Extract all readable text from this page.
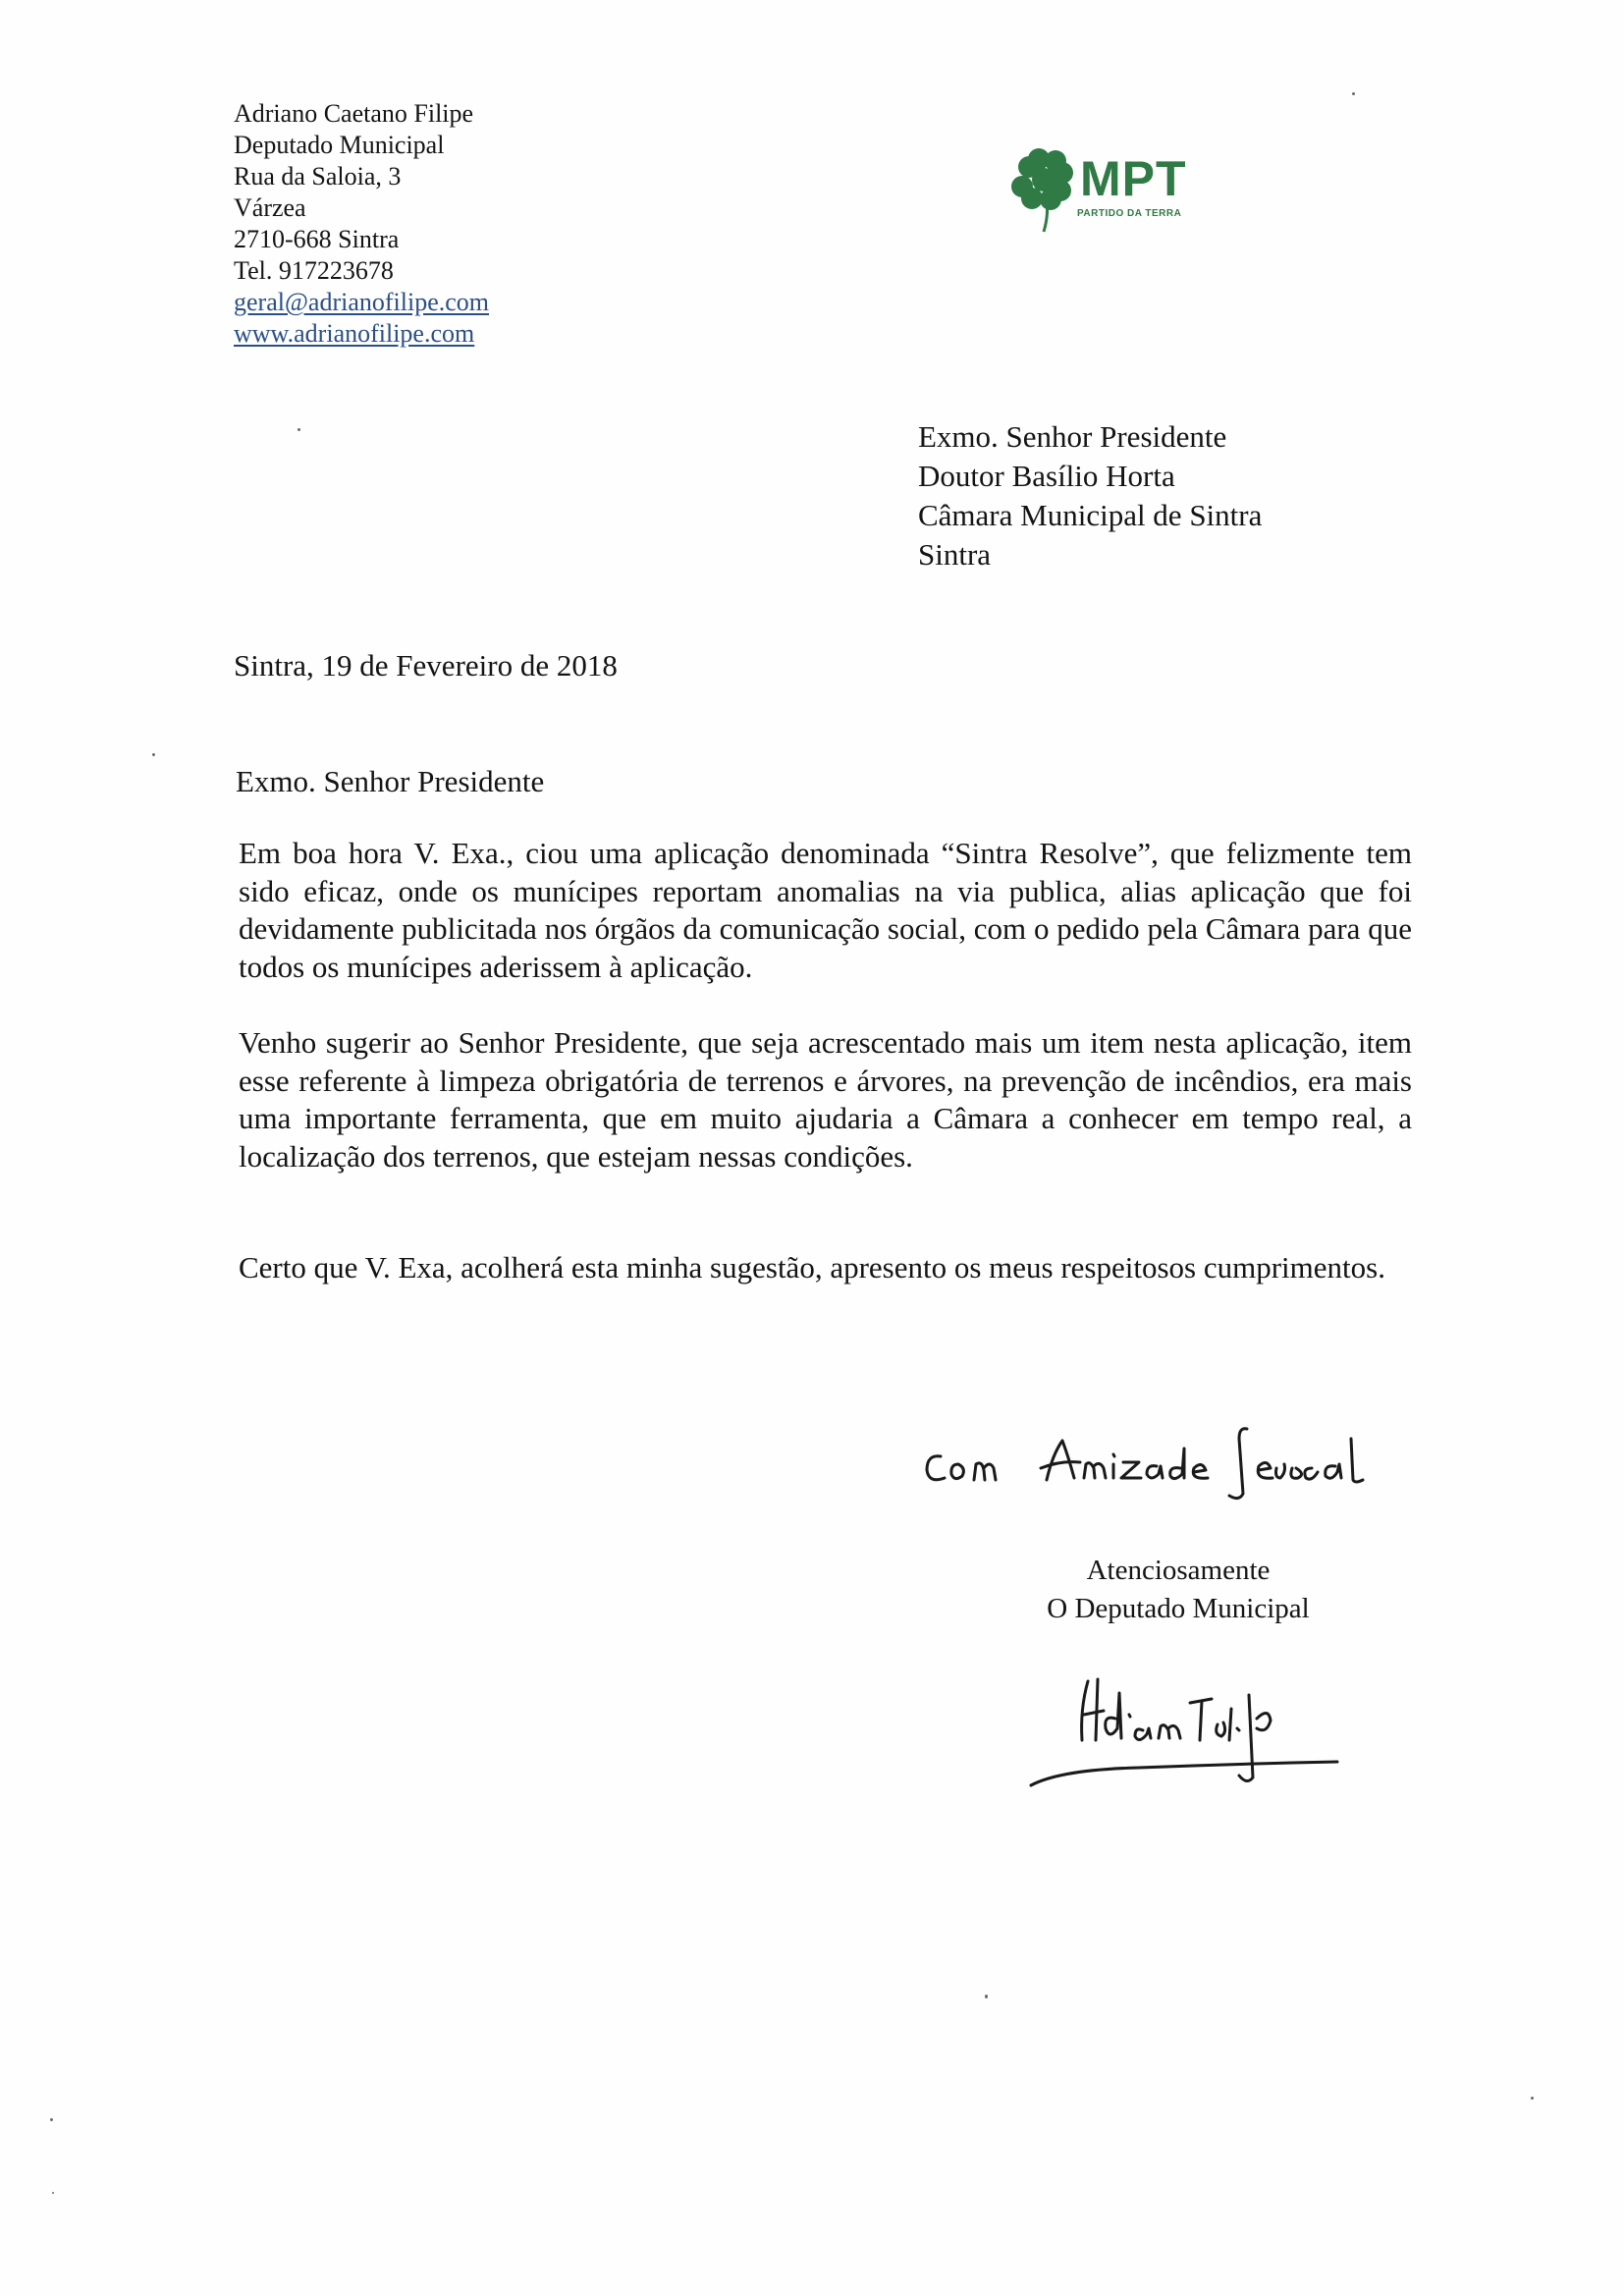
Adriano Caetano Filipe
Deputado Municipal
Rua da Saloia, 3
Várzea
2710-668 Sintra
Tel. 917223678
geral@adrianofilipe.com
www.adrianofilipe.com
MPT
PARTIDO DA TERRA
Exmo. Senhor Presidente
Doutor Basílio Horta
Câmara Municipal de Sintra
Sintra
Sintra, 19 de Fevereiro de 2018
Exmo. Senhor Presidente

Em boa hora V. Exa., ciou uma aplicação denominada “Sintra Resolve”, que felizmente tem sido eficaz, onde os munícipes reportam anomalias na via publica, alias aplicação que foi devidamente publicitada nos órgãos da comunicação social, com o pedido pela Câmara para que todos os munícipes aderissem à aplicação.

Venho sugerir ao Senhor Presidente, que seja acrescentado mais um item nesta aplicação, item esse referente à limpeza obrigatória de terrenos e árvores, na prevenção de incêndios, era mais uma importante ferramenta, que em muito ajudaria a Câmara a conhecer em tempo real, a localização dos terrenos, que estejam nessas condições.

Certo que V. Exa, acolherá esta minha sugestão, apresento os meus respeitosos cumprimentos.

Atenciosamente
O Deputado Municipal
